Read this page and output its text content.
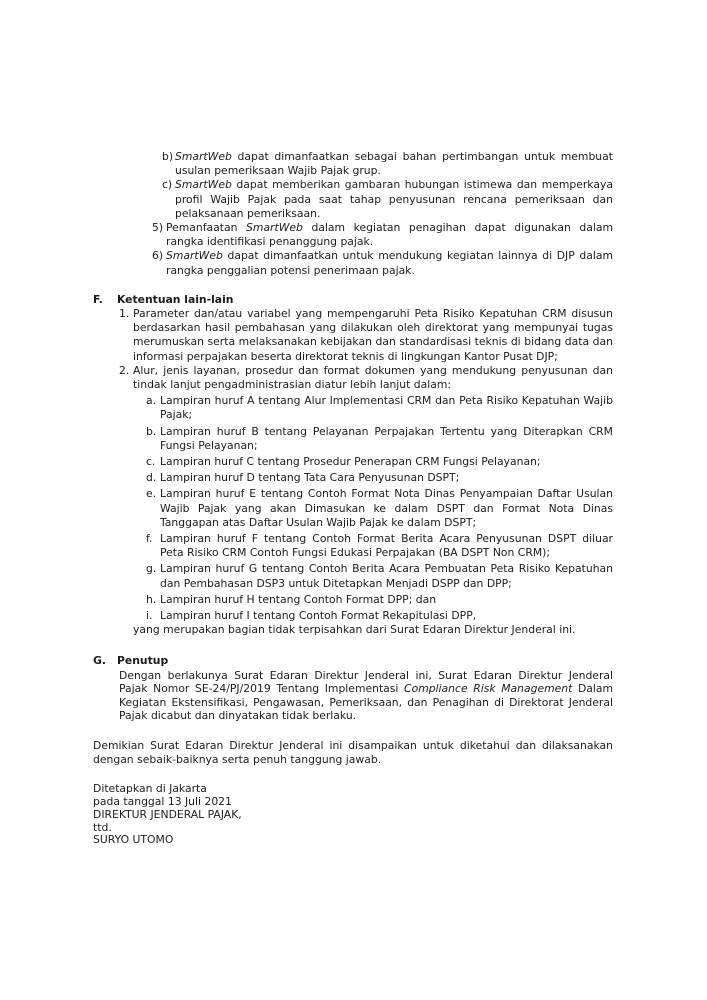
b) SmartWeb dapat dimanfaatkan sebagai bahan pertimbangan untuk membuat usulan pemeriksaan Wajib Pajak grup.
c) SmartWeb dapat memberikan gambaran hubungan istimewa dan memperkaya profil Wajib Pajak pada saat tahap penyusunan rencana pemeriksaan dan pelaksanaan pemeriksaan.
5) Pemanfaatan SmartWeb dalam kegiatan penagihan dapat digunakan dalam rangka identifikasi penanggung pajak.
6) SmartWeb dapat dimanfaatkan untuk mendukung kegiatan lainnya di DJP dalam rangka penggalian potensi penerimaan pajak.
F.	Ketentuan lain-lain
1. Parameter dan/atau variabel yang mempengaruhi Peta Risiko Kepatuhan CRM disusun berdasarkan hasil pembahasan yang dilakukan oleh direktorat yang mempunyai tugas merumuskan serta melaksanakan kebijakan dan standardisasi teknis di bidang data dan informasi perpajakan beserta direktorat teknis di lingkungan Kantor Pusat DJP;
2. Alur, jenis layanan, prosedur dan format dokumen yang mendukung penyusunan dan tindak lanjut pengadministrasian diatur lebih lanjut dalam:
a. Lampiran huruf A tentang Alur Implementasi CRM dan Peta Risiko Kepatuhan Wajib Pajak;
b. Lampiran huruf B tentang Pelayanan Perpajakan Tertentu yang Diterapkan CRM Fungsi Pelayanan;
c. Lampiran huruf C tentang Prosedur Penerapan CRM Fungsi Pelayanan;
d. Lampiran huruf D tentang Tata Cara Penyusunan DSPT;
e. Lampiran huruf E tentang Contoh Format Nota Dinas Penyampaian Daftar Usulan Wajib Pajak yang akan Dimasukan ke dalam DSPT dan Format Nota Dinas Tanggapan atas Daftar Usulan Wajib Pajak ke dalam DSPT;
f. Lampiran huruf F tentang Contoh Format Berita Acara Penyusunan DSPT diluar Peta Risiko CRM Contoh Fungsi Edukasi Perpajakan (BA DSPT Non CRM);
g. Lampiran huruf G tentang Contoh Berita Acara Pembuatan Peta Risiko Kepatuhan dan Pembahasan DSP3 untuk Ditetapkan Menjadi DSPP dan DPP;
h. Lampiran huruf H tentang Contoh Format DPP; dan
i. Lampiran huruf I tentang Contoh Format Rekapitulasi DPP,
yang merupakan bagian tidak terpisahkan dari Surat Edaran Direktur Jenderal ini.
G.	Penutup
Dengan berlakunya Surat Edaran Direktur Jenderal ini, Surat Edaran Direktur Jenderal Pajak Nomor SE-24/PJ/2019 Tentang Implementasi Compliance Risk Management Dalam Kegiatan Ekstensifikasi, Pengawasan, Pemeriksaan, dan Penagihan di Direktorat Jenderal Pajak dicabut dan dinyatakan tidak berlaku.
Demikian Surat Edaran Direktur Jenderal ini disampaikan untuk diketahui dan dilaksanakan dengan sebaik-baiknya serta penuh tanggung jawab.
Ditetapkan di Jakarta
pada tanggal 13 Juli 2021
DIREKTUR JENDERAL PAJAK,
ttd.
SURYO UTOMO
